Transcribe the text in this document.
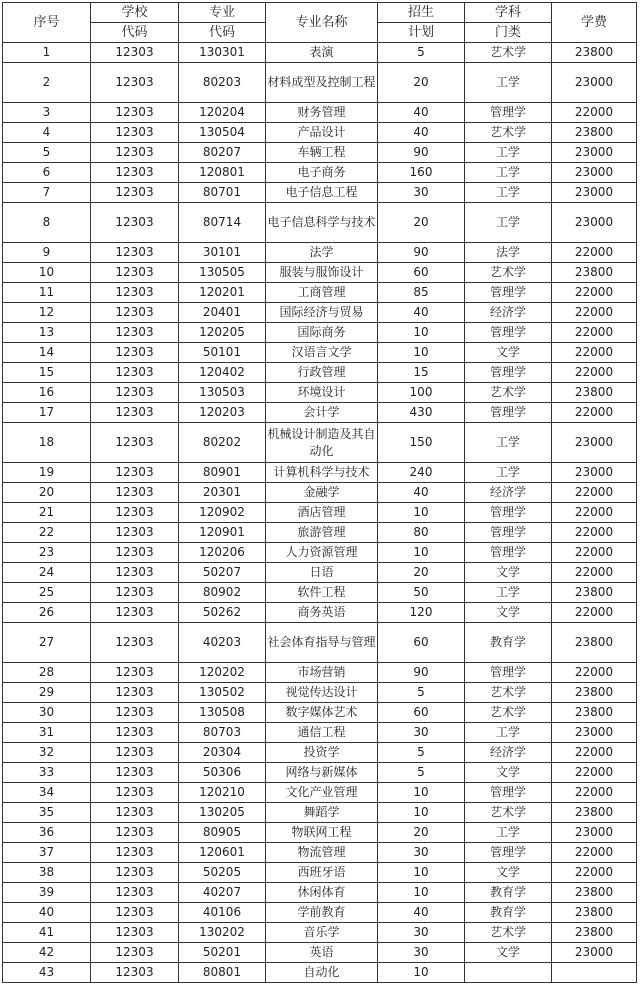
序号	学校	专业	专业名称	招生	学科	学费
	代码	代码		计划	门类	
1	12303	130301	表演	5	艺术学	23800
2	12303	80203	材料成型及控制工程	20	工学	23000
3	12303	120204	财务管理	40	管理学	22000
4	12303	130504	产品设计	40	艺术学	23800
5	12303	80207	车辆工程	90	工学	23000
6	12303	120801	电子商务	160	工学	23000
7	12303	80701	电子信息工程	30	工学	23000
8	12303	80714	电子信息科学与技术	20	工学	23000
9	12303	30101	法学	90	法学	22000
10	12303	130505	服装与服饰设计	60	艺术学	23800
11	12303	120201	工商管理	85	管理学	22000
12	12303	20401	国际经济与贸易	40	经济学	22000
13	12303	120205	国际商务	10	管理学	22000
14	12303	50101	汉语言文学	10	文学	22000
15	12303	120402	行政管理	15	管理学	22000
16	12303	130503	环境设计	100	艺术学	23800
17	12303	120203	会计学	430	管理学	22000
18	12303	80202	机械设计制造及其自动化	150	工学	23000
19	12303	80901	计算机科学与技术	240	工学	23000
20	12303	20301	金融学	40	经济学	22000
21	12303	120902	酒店管理	10	管理学	22000
22	12303	120901	旅游管理	80	管理学	22000
23	12303	120206	人力资源管理	10	管理学	22000
24	12303	50207	日语	20	文学	22000
25	12303	80902	软件工程	50	工学	23800
26	12303	50262	商务英语	120	文学	22000
27	12303	40203	社会体育指导与管理	60	教育学	23800
28	12303	120202	市场营销	90	管理学	22000
29	12303	130502	视觉传达设计	5	艺术学	23800
30	12303	130508	数字媒体艺术	60	艺术学	23800
31	12303	80703	通信工程	30	工学	23000
32	12303	20304	投资学	5	经济学	22000
33	12303	50306	网络与新媒体	5	文学	22000
34	12303	120210	文化产业管理	10	管理学	22000
35	12303	130205	舞蹈学	10	艺术学	23800
36	12303	80905	物联网工程	20	工学	23000
37	12303	120601	物流管理	30	管理学	22000
38	12303	50205	西班牙语	10	文学	22000
39	12303	40207	休闲体育	10	教育学	23800
40	12303	40106	学前教育	40	教育学	23800
41	12303	130202	音乐学	30	艺术学	23800
42	12303	50201	英语	30	文学	23000
43	12303	80801	自动化	10		
